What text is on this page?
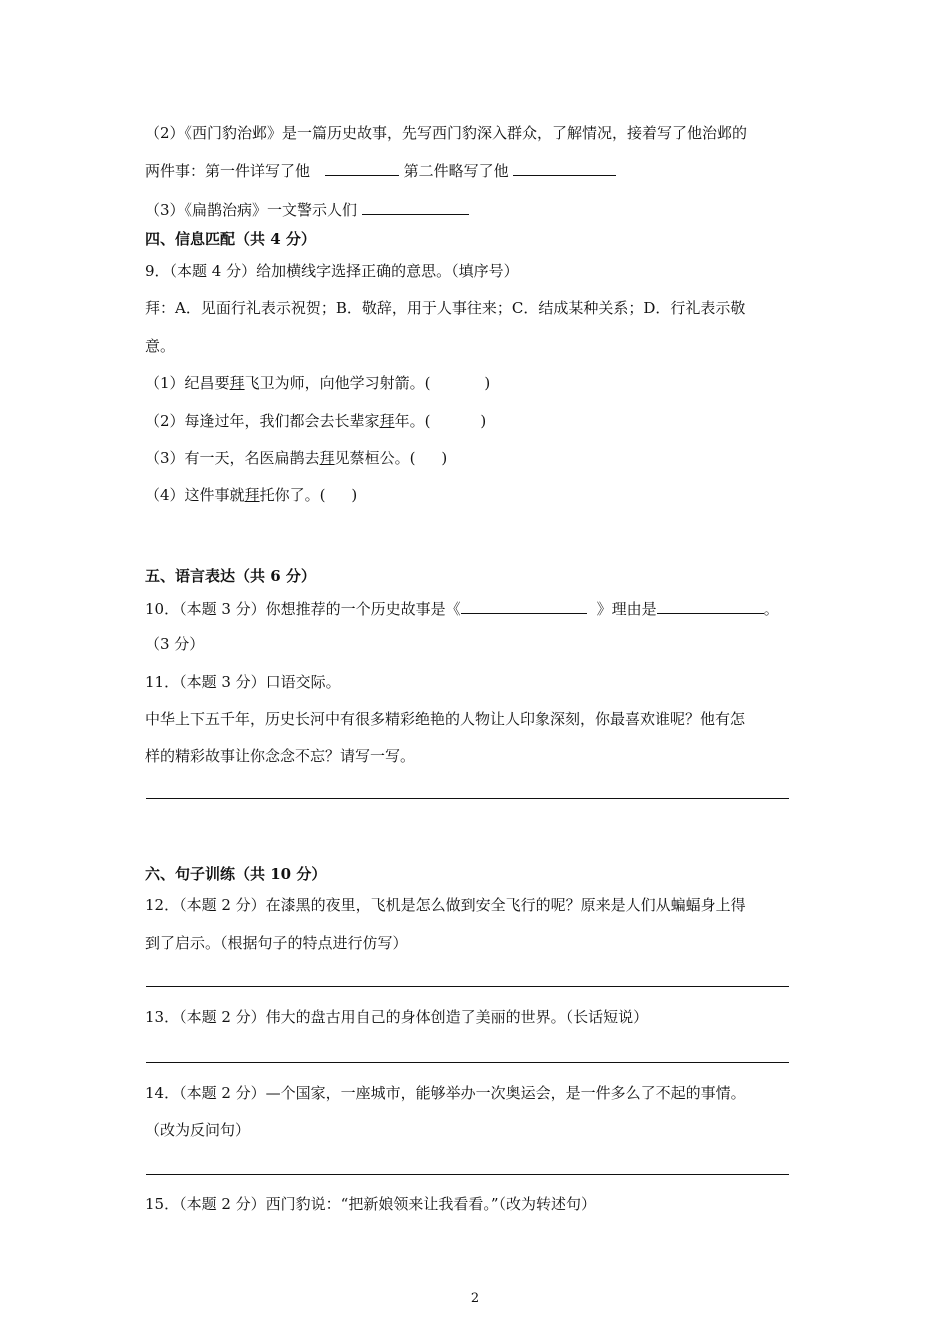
（2）《西门豹治邺》是一篇历史故事，先写西门豹深入群众，了解情况，接着写了他治邺的
两件事：第一件详写了他	第二件略写了他
（3）《扁鹊治病》一文警示人们
四、信息匹配（共 4 分）
9．（本题 4 分）给加横线字选择正确的意思。（填序号）
拜：A．见面行礼表示祝贺；B．敬辞，用于人事往来；C．结成某种关系；D．行礼表示敬
意。
（1）纪昌要拜飞卫为师，向他学习射箭。(	)
（2）每逢过年，我们都会去长辈家拜年。(	)
（3）有一天，名医扁鹊去拜见蔡桓公。( )
（4）这件事就拜托你了。( )
五、语言表达（共 6 分）
10．（本题 3 分）你想推荐的一个历史故事是《	》理由是	。
（3 分）
11．（本题 3 分）口语交际。
中华上下五千年，历史长河中有很多精彩绝艳的人物让人印象深刻，你最喜欢谁呢？他有怎
样的精彩故事让你念念不忘？请写一写。
六、句子训练（共 10 分）
12．（本题 2 分）在漆黑的夜里，飞机是怎么做到安全飞行的呢？原来是人们从蝙蝠身上得
到了启示。（根据句子的特点进行仿写）
13．（本题 2 分）伟大的盘古用自己的身体创造了美丽的世界。（长话短说）
14．（本题 2 分）—个国家，一座城市，能够举办一次奥运会，是一件多么了不起的事情。
（改为反问句）
15．（本题 2 分）西门豹说：“把新娘领来让我看看。”（改为转述句）
2
